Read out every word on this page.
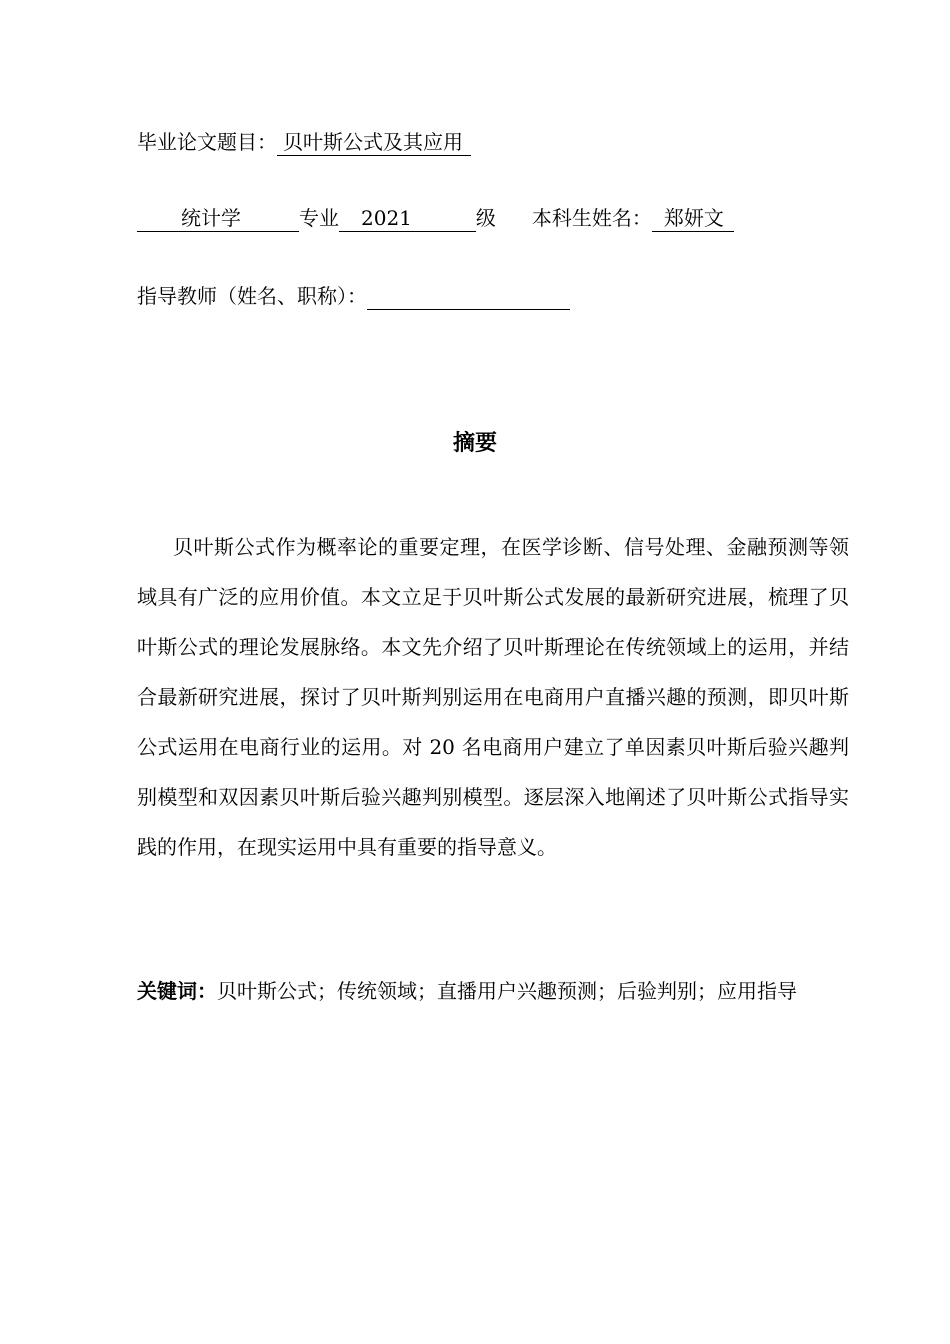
毕业论文题目： 贝叶斯公式及其应用
统计学	专业 2021	级 本科生姓名： 郑妍文
指导教师（姓名、职称）：
摘要
贝叶斯公式作为概率论的重要定理，在医学诊断、信号处理、金融预测等领域具有广泛的应用价值。本文立足于贝叶斯公式发展的最新研究进展，梳理了贝叶斯公式的理论发展脉络。本文先介绍了贝叶斯理论在传统领域上的运用，并结合最新研究进展，探讨了贝叶斯判别运用在电商用户直播兴趣的预测，即贝叶斯公式运用在电商行业的运用。对 20 名电商用户建立了单因素贝叶斯后验兴趣判别模型和双因素贝叶斯后验兴趣判别模型。逐层深入地阐述了贝叶斯公式指导实践的作用，在现实运用中具有重要的指导意义。
关键词：贝叶斯公式；传统领域；直播用户兴趣预测；后验判别；应用指导
